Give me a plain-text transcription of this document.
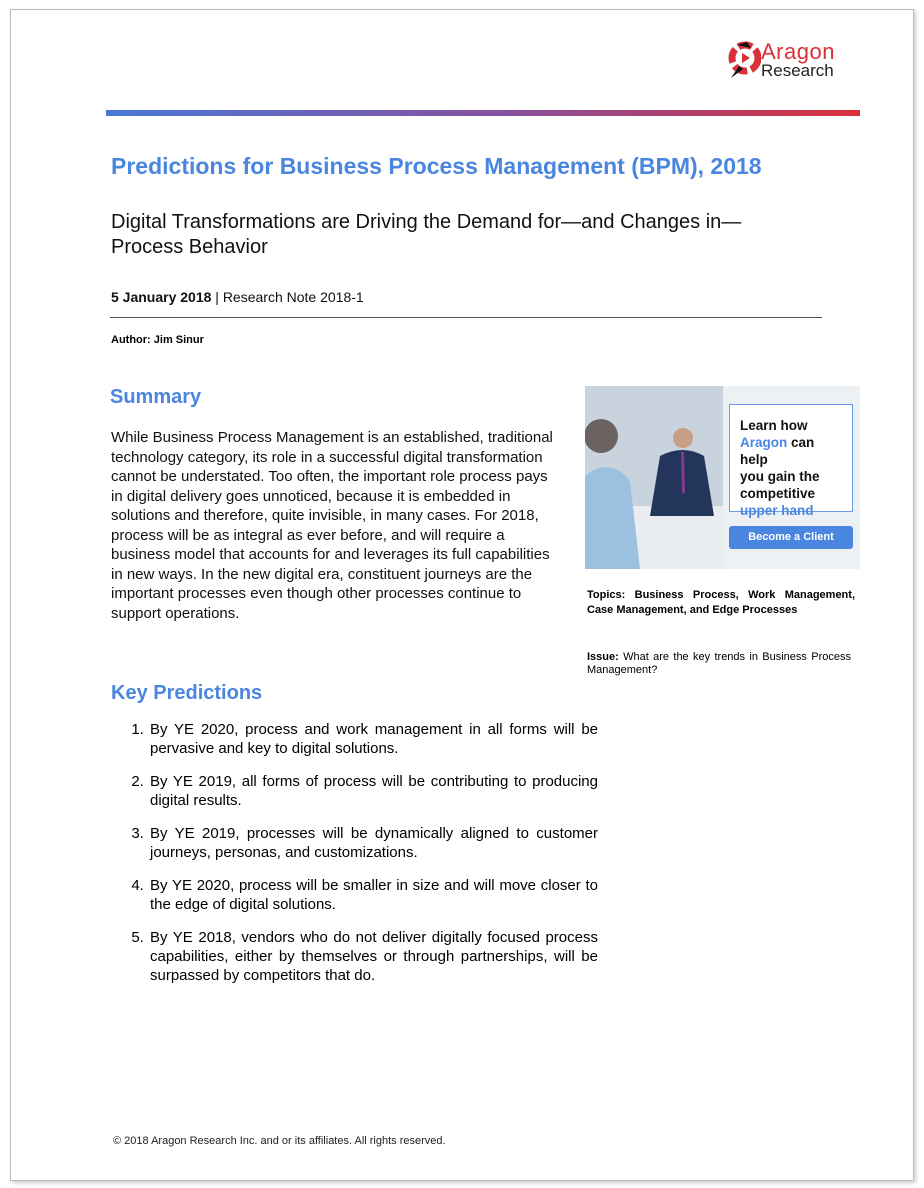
Aragon
Research
Predictions for Business Process Management (BPM), 2018
Digital Transformations are Driving the Demand for—and Changes in—Process Behavior
5 January 2018 | Research Note 2018-1
Author: Jim Sinur
Summary
While Business Process Management is an established, traditional technology category, its role in a successful digital transformation cannot be understated. Too often, the important role process pays in digital delivery goes unnoticed, because it is embedded in solutions and therefore, quite invisible, in many cases. For 2018, process will be as integral as ever before, and will require a business model that accounts for and leverages its full capabilities in new ways. In the new digital era, constituent journeys are the important processes even though other processes continue to support operations.
Key Predictions
1. By YE 2020, process and work management in all forms will be pervasive and key to digital solutions.
2. By YE 2019, all forms of process will be contributing to producing digital results.
3. By YE 2019, processes will be dynamically aligned to customer journeys, personas, and customizations.
4. By YE 2020, process will be smaller in size and will move closer to the edge of digital solutions.
5. By YE 2018, vendors who do not deliver digitally focused process capabilities, either by themselves or through partnerships, will be surpassed by competitors that do.
Learn how
Aragon can help
you gain the
competitive
upper hand
Become a Client
Topics: Business Process, Work Management, Case Management, and Edge Processes
Issue: What are the key trends in Business Process Management?
© 2018 Aragon Research Inc. and or its affiliates. All rights reserved.
